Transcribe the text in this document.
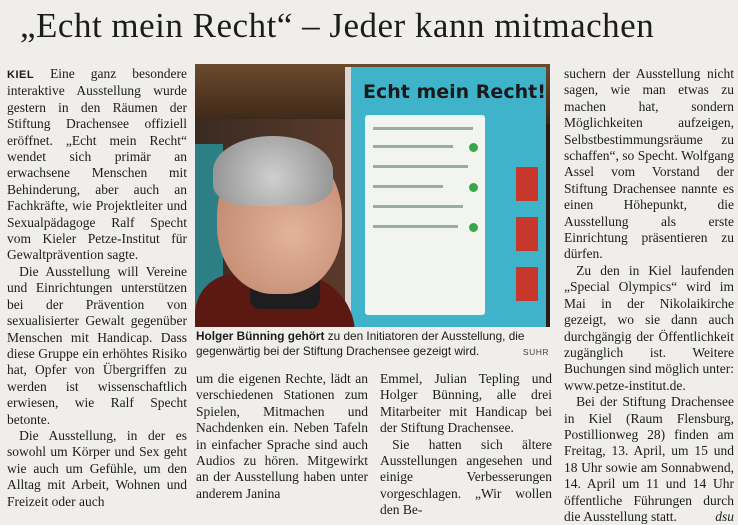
„Echt mein Recht“ – Jeder kann mitmachen

KIEL Eine ganz besondere interaktive Ausstellung wurde gestern in den Räumen der Stiftung Drachensee offiziell eröffnet. „Echt mein Recht“ wendet sich primär an erwachsene Menschen mit Behinderung, aber auch an Fachkräfte, wie Projektleiter und Sexualpädagoge Ralf Specht vom Kieler Petze-Institut für Gewaltprävention sagte.

Die Ausstellung will Vereine und Einrichtungen unterstützen bei der Prävention von sexualisierter Gewalt gegenüber Menschen mit Handicap. Dass diese Gruppe ein erhöhtes Risiko hat, Opfer von Übergriffen zu werden ist wissenschaftlich erwiesen, wie Ralf Specht betonte.

Die Ausstellung, in der es sowohl um Körper und Sex geht wie auch um Gefühle, um den Alltag mit Arbeit, Wohnen und Freizeit oder auch

Echt mein Recht!
Holger Bünning gehört zu den Initiatoren der Ausstellung, die gegenwärtig bei der Stiftung Drachensee gezeigt wird.	SUHR

um die eigenen Rechte, lädt an verschiedenen Stationen zum Spielen, Mitmachen und Nachdenken ein. Neben Tafeln in einfacher Sprache sind auch Audios zu hören. Mitgewirkt an der Ausstellung haben unter anderem Janina

Emmel, Julian Tepling und Holger Bünning, alle drei Mitarbeiter mit Handicap bei der Stiftung Drachensee.

Sie hatten sich ältere Ausstellungen angesehen und einige Verbesserungen vorgeschlagen. „Wir wollen den Be-

suchern der Ausstellung nicht sagen, wie man etwas zu machen hat, sondern Möglichkeiten aufzeigen, Selbstbestimmungsräume zu schaffen“, so Specht. Wolfgang Assel vom Vorstand der Stiftung Drachensee nannte es einen Höhepunkt, die Ausstellung als erste Einrichtung präsentieren zu dürfen.

Zu den in Kiel laufenden „Special Olympics“ wird im Mai in der Nikolaikirche gezeigt, wo sie dann auch durchgängig der Öffentlichkeit zugänglich ist. Weitere Buchungen sind möglich unter: www.petze-institut.de.

Bei der Stiftung Drachensee in Kiel (Raum Flensburg, Postillionweg 28) finden am Freitag, 13. April, um 15 und 18 Uhr sowie am Sonnabwend, 14. April um 11 und 14 Uhr öffentliche Führungen durch die Ausstellung statt.	dsu
